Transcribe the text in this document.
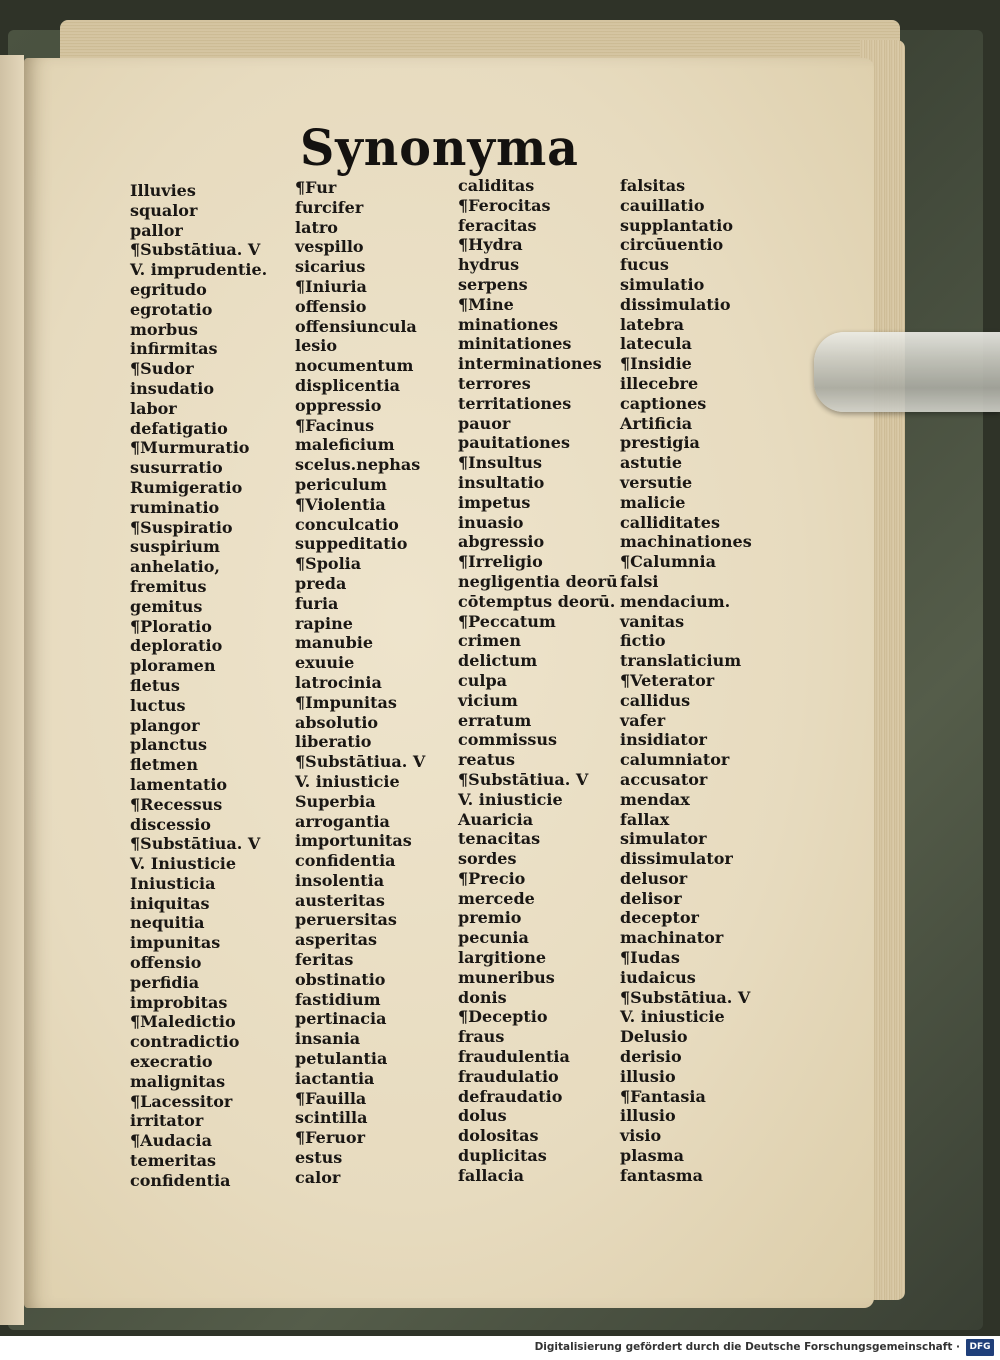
Synonyma
Illuvies
squalor
pallor
¶Substātiua. V
V. imprudentie.
egritudo
egrotatio
morbus
infirmitas
¶Sudor
insudatio
labor
defatigatio
¶Murmuratio
susurratio
Rumigeratio
ruminatio
¶Suspiratio
suspirium
anhelatio,
fremitus
gemitus
¶Ploratio
deploratio
ploramen
fletus
luctus
plangor
planctus
fletmen
lamentatio
¶Recessus
discessio
¶Substātiua. V
V. Iniusticie
Iniusticia
iniquitas
nequitia
impunitas
offensio
perfidia
improbitas
¶Maledictio
contradictio
execratio
malignitas
¶Lacessitor
irritator
¶Audacia
temeritas
confidentia
¶Fur
furcifer
latro
vespillo
sicarius
¶Iniuria
offensio
offensiuncula
lesio
nocumentum
displicentia
oppressio
¶Facinus
maleficium
scelus.nephas
periculum
¶Violentia
conculcatio
suppeditatio
¶Spolia
preda
furia
rapine
manubie
exuuie
latrocinia
¶Impunitas
absolutio
liberatio
¶Substātiua. V
V. iniusticie
Superbia
arrogantia
importunitas
confidentia
insolentia
austeritas
peruersitas
asperitas
feritas
obstinatio
fastidium
pertinacia
insania
petulantia
iactantia
¶Fauilla
scintilla
¶Feruor
estus
calor
caliditas
¶Ferocitas
feracitas
¶Hydra
hydrus
serpens
¶Mine
minationes
minitationes
interminationes
terrores
territationes
pauor
pauitationes
¶Insultus
insultatio
impetus
inuasio
abgressio
¶Irreligio
negligentia deorū
cōtemptus deorū.
¶Peccatum
crimen
delictum
culpa
vicium
erratum
commissus
reatus
¶Substātiua. V
V. iniusticie
Auaricia
tenacitas
sordes
¶Precio
mercede
premio
pecunia
largitione
muneribus
donis
¶Deceptio
fraus
fraudulentia
fraudulatio
defraudatio
dolus
dolositas
duplicitas
fallacia
falsitas
cauillatio
supplantatio
circūuentio
fucus
simulatio
dissimulatio
latebra
latecula
¶Insidie
illecebre
captiones
Artificia
prestigia
astutie
versutie
malicie
calliditates
machinationes
¶Calumnia
falsi
mendacium.
vanitas
fictio
translaticium
¶Veterator
callidus
vafer
insidiator
calumniator
accusator
mendax
fallax
simulator
dissimulator
delusor
delisor
deceptor
machinator
¶Iudas
iudaicus
¶Substātiua. V
V. iniusticie
Delusio
derisio
illusio
¶Fantasia
illusio
visio
plasma
fantasma
Digitalisierung gefördert durch die Deutsche Forschungsgemeinschaft ·	DFG
